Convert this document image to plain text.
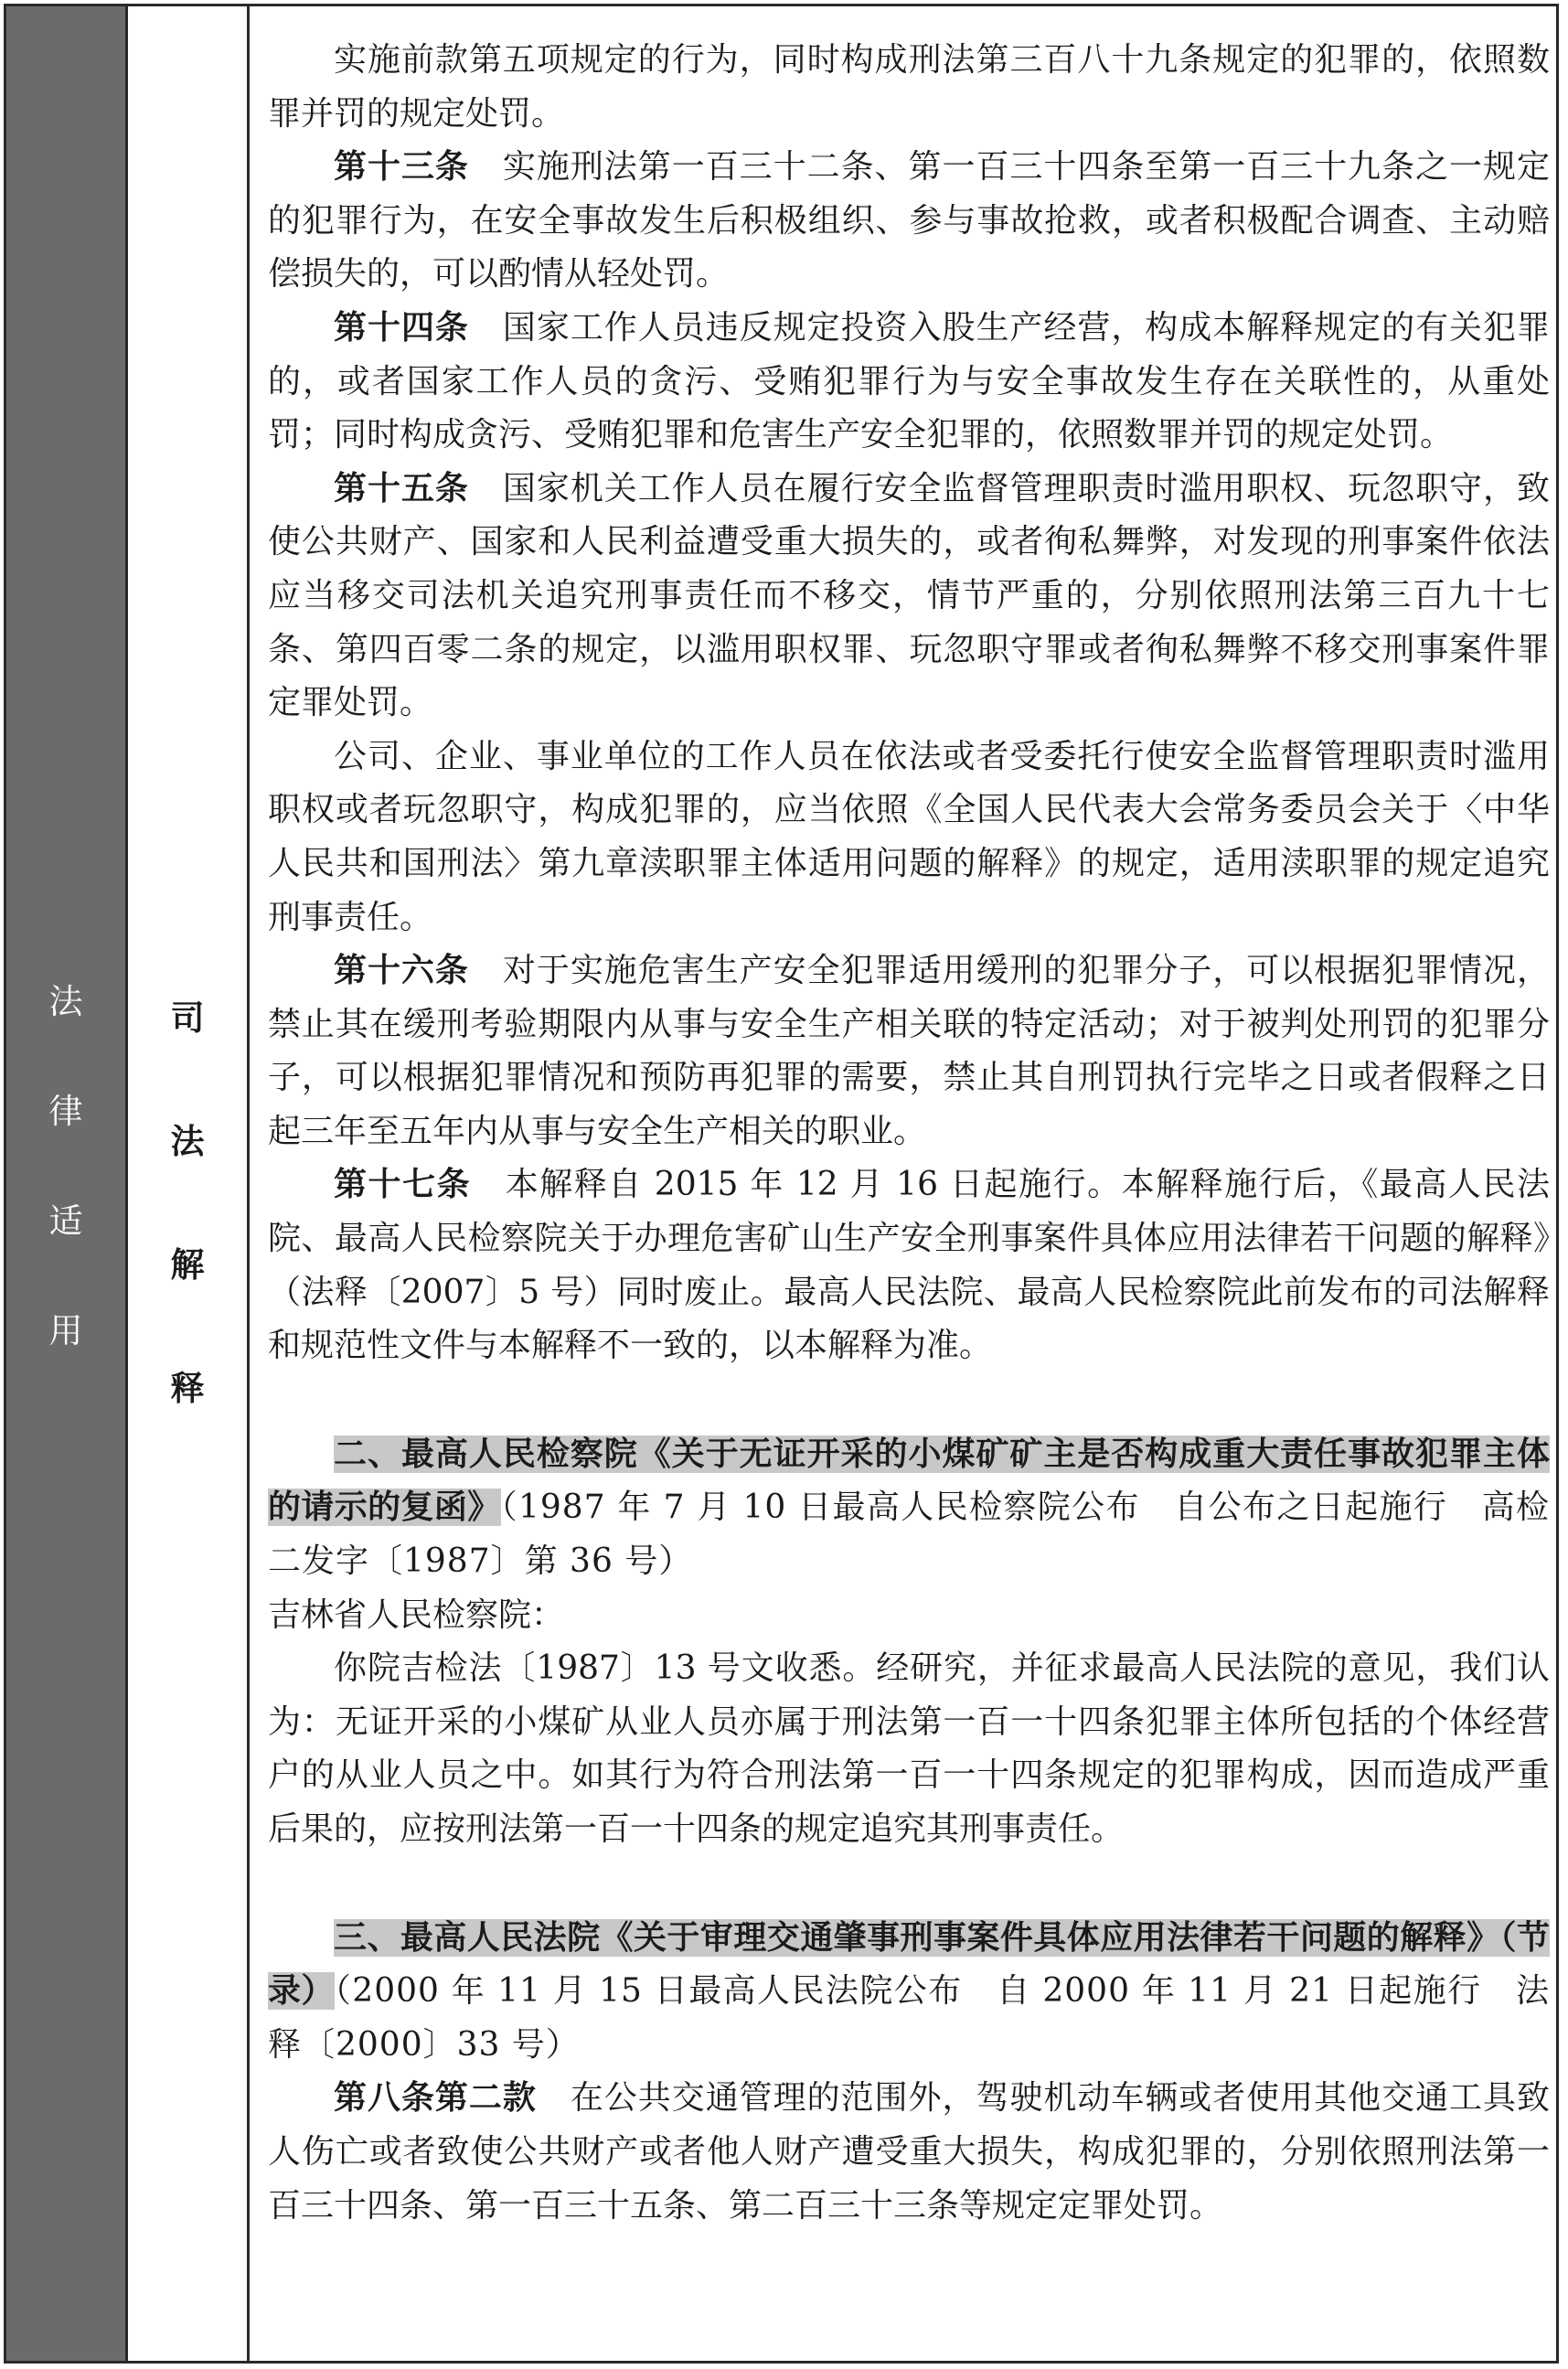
法
律
适
用
司
法
解
释

实施前款第五项规定的行为，同时构成刑法第三百八十九条规定的犯罪的，依照数罪并罚的规定处罚。

第十三条　 实施刑法第一百三十二条、第一百三十四条至第一百三十九条之一规定的犯罪行为，在安全事故发生后积极组织、参与事故抢救，或者积极配合调查、主动赔偿损失的，可以酌情从轻处罚。

第十四条　 国家工作人员违反规定投资入股生产经营，构成本解释规定的有关犯罪的，或者国家工作人员的贪污、受贿犯罪行为与安全事故发生存在关联性的，从重处罚；同时构成贪污、受贿犯罪和危害生产安全犯罪的，依照数罪并罚的规定处罚。

第十五条　 国家机关工作人员在履行安全监督管理职责时滥用职权、玩忽职守，致使公共财产、国家和人民利益遭受重大损失的，或者徇私舞弊，对发现的刑事案件依法应当移交司法机关追究刑事责任而不移交，情节严重的，分别依照刑法第三百九十七条、第四百零二条的规定，以滥用职权罪、玩忽职守罪或者徇私舞弊不移交刑事案件罪定罪处罚。

公司、企业、事业单位的工作人员在依法或者受委托行使安全监督管理职责时滥用职权或者玩忽职守，构成犯罪的，应当依照《全国人民代表大会常务委员会关于〈中华人民共和国刑法〉第九章渎职罪主体适用问题的解释》的规定，适用渎职罪的规定追究刑事责任。

第十六条　 对于实施危害生产安全犯罪适用缓刑的犯罪分子，可以根据犯罪情况，禁止其在缓刑考验期限内从事与安全生产相关联的特定活动；对于被判处刑罚的犯罪分子，可以根据犯罪情况和预防再犯罪的需要，禁止其自刑罚执行完毕之日或者假释之日起三年至五年内从事与安全生产相关的职业。

第十七条　 本解释自 2015 年 12 月 16 日起施行。本解释施行后，《最高人民法院、最高人民检察院关于办理危害矿山生产安全刑事案件具体应用法律若干问题的解释》（法释〔2007〕5 号）同时废止。最高人民法院、最高人民检察院此前发布的司法解释和规范性文件与本解释不一致的，以本解释为准。

二、最高人民检察院《关于无证开采的小煤矿矿主是否构成重大责任事故犯罪主体的请示的复函》（1987 年 7 月 10 日最高人民检察院公布　自公布之日起施行　高检二发字〔1987〕第 36 号）

吉林省人民检察院：

你院吉检法〔1987〕13 号文收悉。经研究，并征求最高人民法院的意见，我们认为：无证开采的小煤矿从业人员亦属于刑法第一百一十四条犯罪主体所包括的个体经营户的从业人员之中。如其行为符合刑法第一百一十四条规定的犯罪构成，因而造成严重后果的，应按刑法第一百一十四条的规定追究其刑事责任。

三、最高人民法院《关于审理交通肇事刑事案件具体应用法律若干问题的解释》（节录）（2000 年 11 月 15 日最高人民法院公布　自 2000 年 11 月 21 日起施行　法释〔2000〕33 号）

第八条第二款　 在公共交通管理的范围外，驾驶机动车辆或者使用其他交通工具致人伤亡或者致使公共财产或者他人财产遭受重大损失，构成犯罪的，分别依照刑法第一百三十四条、第一百三十五条、第二百三十三条等规定定罪处罚。
